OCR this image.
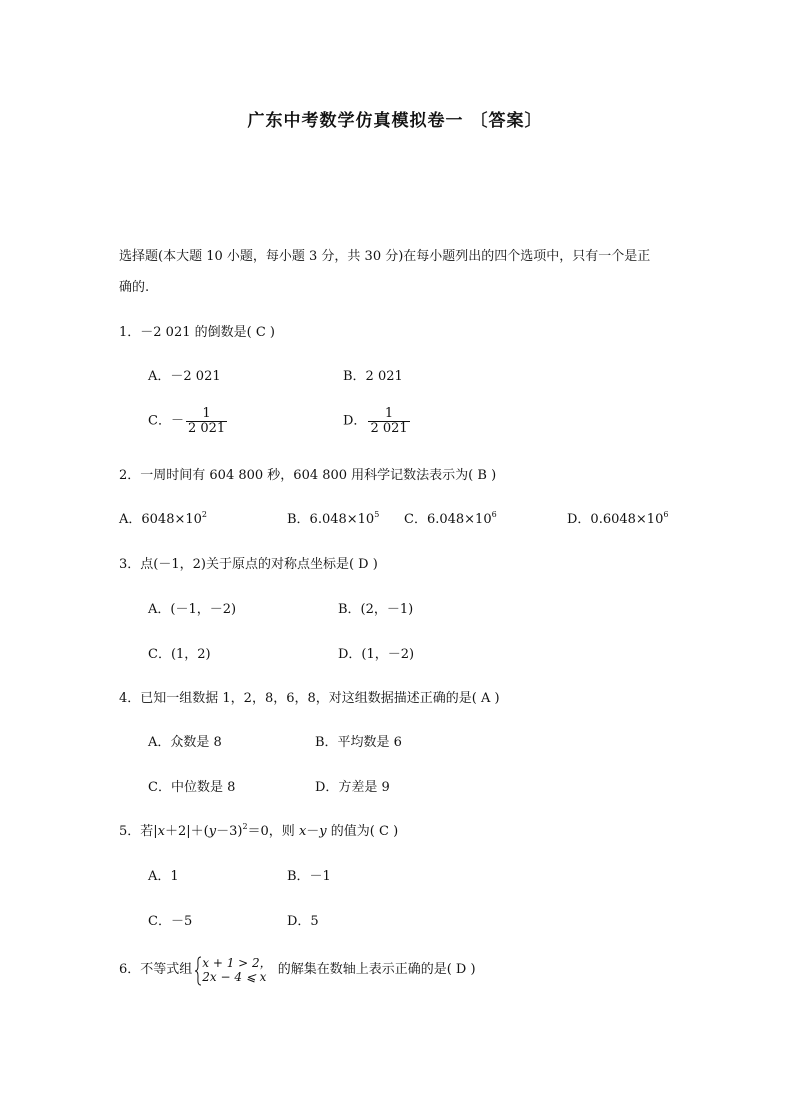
广东中考数学仿真模拟卷一 〔答案〕
选择题(本大题 10 小题，每小题 3 分，共 30 分)在每小题列出的四个选项中，只有一个是正
确的.
1．－2 021 的倒数是( C )
A．－2 021	B．2 021
C．－ $\frac{1}{2 021}$	D． $\frac{1}{2 021}$
2．一周时间有 604 800 秒，604 800 用科学记数法表示为( B )
A．$6048\times 10^2$	B．$6.048\times 10^5$ C．$6.048\times 10^6$	D．$0.6048\times 10^6$
3．点(－1，2)关于原点的对称点坐标是( D )
A．(－1，－2)	B．(2，－1)
C．(1，2)	D．(1，－2)
4．已知一组数据 1，2，8，6，8，对这组数据描述正确的是( A )
A．众数是 8	B．平均数是 6
C．中位数是 8	D．方差是 9
5．若$|x+2|+(y-3)^2=0$，则 x－y 的值为( C )
A．1	B．－1
C．－5	D．5
6．不等式组 x + 1 > 2，
2x − 4 ⩽ x 的解集在数轴上表示正确的是( D )
